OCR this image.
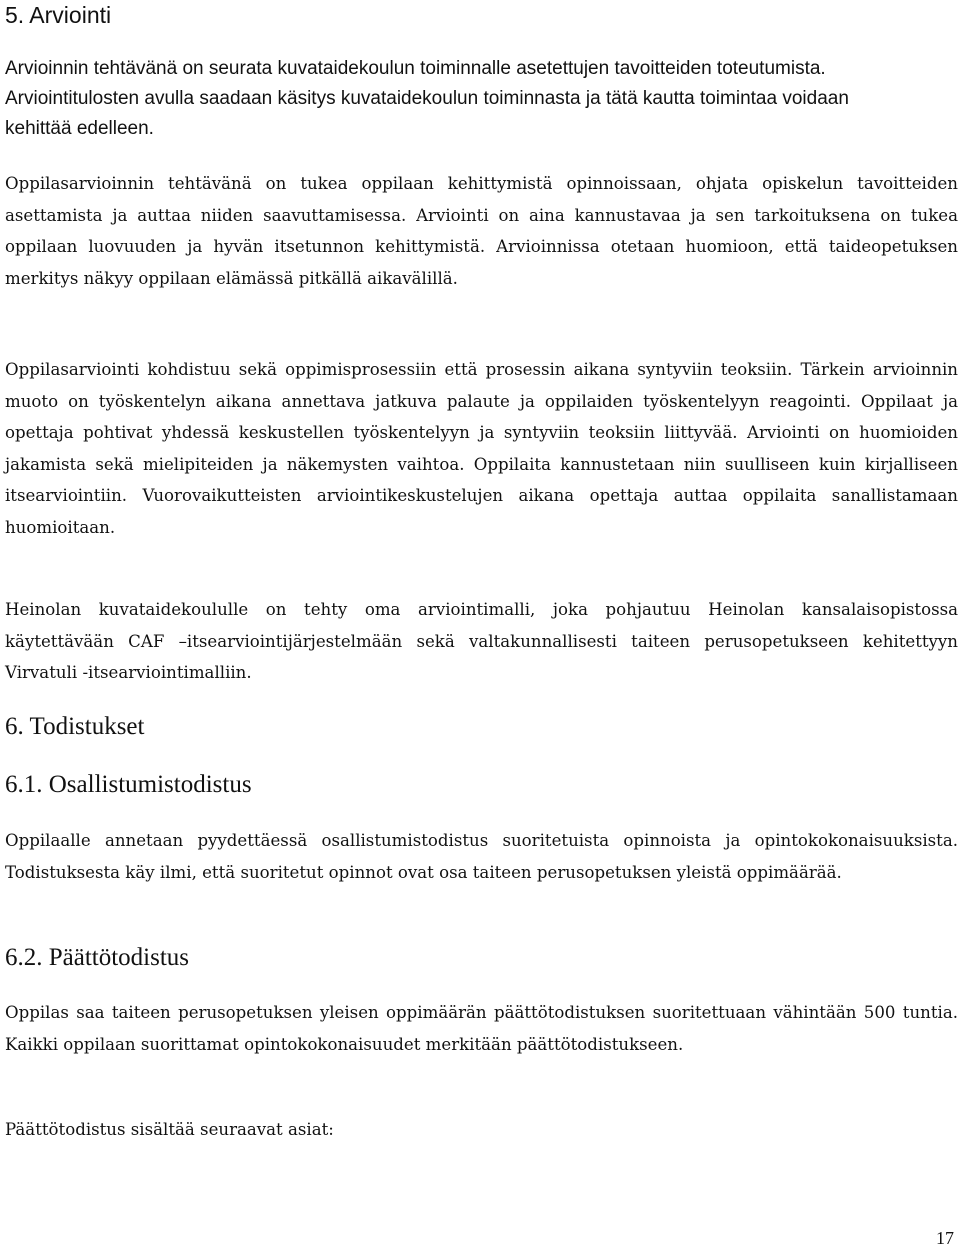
5. Arviointi

Arvioinnin tehtävänä on seurata kuvataidekoulun toiminnalle asetettujen tavoitteiden toteutumista. Arviointitulosten avulla saadaan käsitys kuvataidekoulun toiminnasta ja tätä kautta toimintaa voidaan kehittää edelleen.

Oppilasarvioinnin tehtävänä on tukea oppilaan kehittymistä opinnoissaan, ohjata opiskelun tavoitteiden asettamista ja auttaa niiden saavuttamisessa. Arviointi on aina kannustavaa ja sen tarkoituksena on tukea oppilaan luovuuden ja hyvän itsetunnon kehittymistä. Arvioinnissa otetaan huomioon, että taideopetuksen merkitys näkyy oppilaan elämässä pitkällä aikavälillä.

Oppilasarviointi kohdistuu sekä oppimisprosessiin että prosessin aikana syntyviin teoksiin. Tärkein arvioinnin muoto on työskentelyn aikana annettava jatkuva palaute ja oppilaiden työskentelyyn reagointi. Oppilaat ja opettaja pohtivat yhdessä keskustellen työskentelyyn ja syntyviin teoksiin liittyvää. Arviointi on huomioiden jakamista sekä mielipiteiden ja näkemysten vaihtoa. Oppilaita kannustetaan niin suulliseen kuin kirjalliseen itsearviointiin. Vuorovaikutteisten arviointikeskustelujen aikana opettaja auttaa oppilaita sanallistamaan huomioitaan.

Heinolan kuvataidekoululle on tehty oma arviointimalli, joka pohjautuu Heinolan kansalaisopistossa käytettävään CAF –itsearviointijärjestelmään sekä valtakunnallisesti taiteen perusopetukseen kehitettyyn Virvatuli -itsearviointimalliin.

6. Todistukset
6.1. Osallistumistodistus

Oppilaalle annetaan pyydettäessä osallistumistodistus suoritetuista opinnoista ja opintokokonaisuuksista. Todistuksesta käy ilmi, että suoritetut opinnot ovat osa taiteen perusopetuksen yleistä oppimäärää.

6.2. Päättötodistus

Oppilas saa taiteen perusopetuksen yleisen oppimäärän päättötodistuksen suoritettuaan vähintään 500 tuntia. Kaikki oppilaan suorittamat opintokokonaisuudet merkitään päättötodistukseen.

Päättötodistus sisältää seuraavat asiat:

17
